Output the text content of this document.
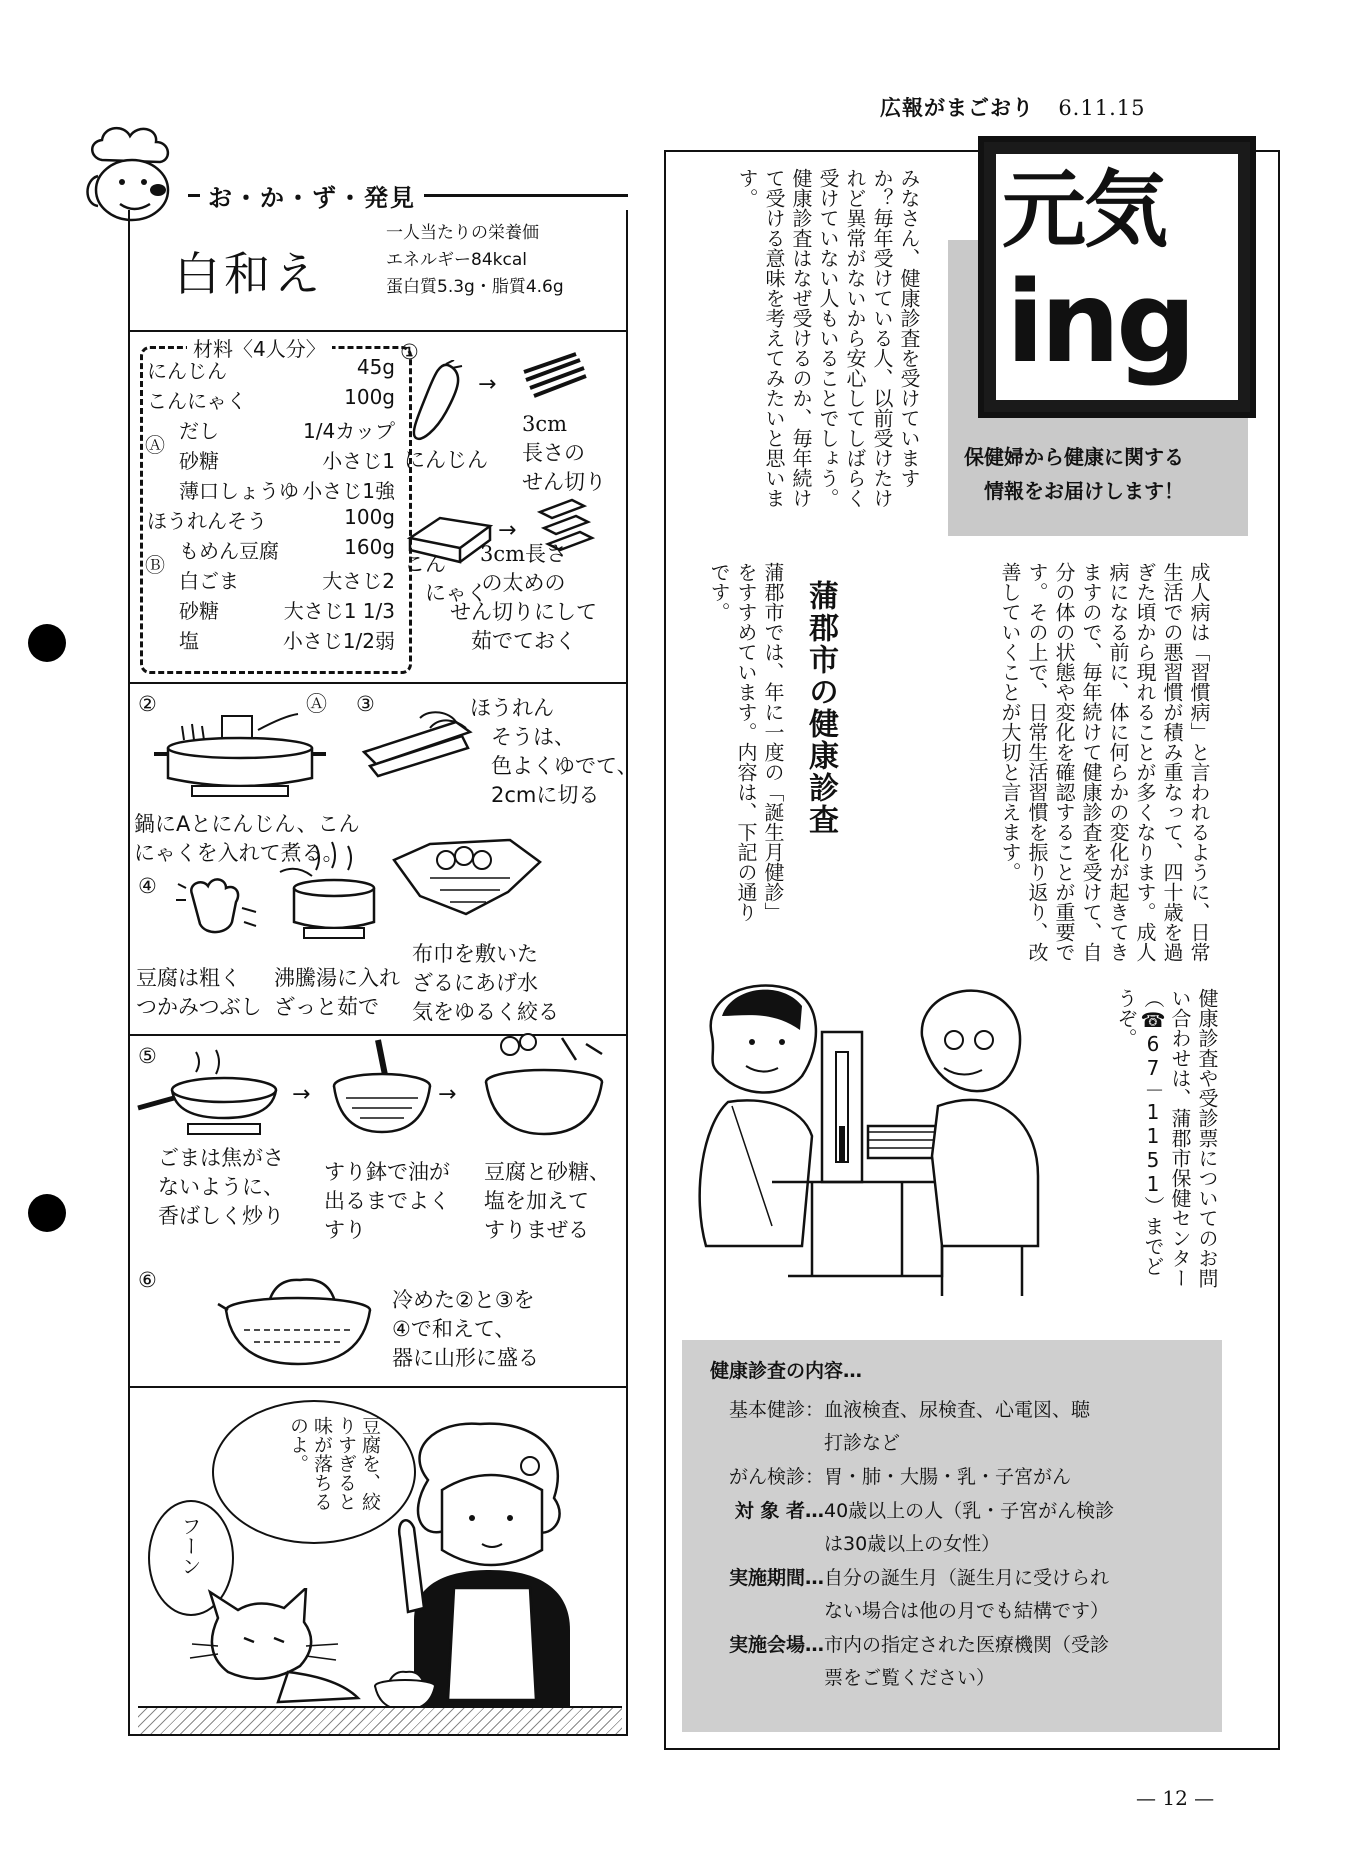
広報がまごおり 6.11.15
お・か・ず・発見
白和え
一人当たりの栄養価
エネルギー84kcal
蛋白質5.3g・脂質4.6g
材料〈4人分〉
にんじん	45g
こんにゃく	100g
Ⓐ
だし	1/4カップ
砂糖	小さじ1
薄口しょうゆ 小さじ1強
ほうれんそう	100g
Ⓑ
もめん豆腐	160g
白ごま	大さじ2
砂糖	大さじ1 1/3
塩	小さじ1/2弱
①
にんじん
→
3cm
長さの
せん切り
→
こん
　にゃく
3cm長さ
の太めの
せん切りにして
茹でておく
②	Ⓐ
鍋にAとにんじん、こん
にゃくを入れて煮る。
③	ほうれん
　そうは、
　色よくゆでて、
　2cmに切る
④
豆腐は粗く
つかみつぶし
沸騰湯に入れ
ざっと茹で
布巾を敷いた
ざるにあげ水
気をゆるく絞る
⑤
→	→
ごまは焦がさ
ないように、
香ばしく炒り
すり鉢で油が
出るまでよく
すり
豆腐と砂糖、
塩を加えて
すりまぜる
⑥
冷めた②と③を
④で和えて、
器に山形に盛る
豆腐を、絞りすぎると味が落ちるのよ。
フーン
元気
ing
保健婦から健康に関する
情報をお届けします！
みなさん、健康診査を受けていますか？毎年受けている人、以前受けたけれど異常がないから安心してしばらく受けていない人もいることでしょう。健康診査はなぜ受けるのか、毎年続けて受ける意味を考えてみたいと思います。
成人病は「習慣病」と言われるように、日常生活での悪習慣が積み重なって、四十歳を過ぎた頃から現れることが多くなります。成人病になる前に、体に何らかの変化が起きてきますので、毎年続けて健康診査を受けて、自分の体の状態や変化を確認することが重要です。その上で、日常生活習慣を振り返り、改善していくことが大切と言えます。
蒲郡市の健康診査
蒲郡市では、年に一度の「誕生月健診」をすすめています。内容は、下記の通りです。
健康診査や受診票についてのお問い合わせは、蒲郡市保健センター（☎67－1151）までどうぞ。
健康診査の内容…
基本健診： 血液検査、尿検査、心電図、聴
打診など
がん検診： 胃・肺・大腸・乳・子宮がん
対 象 者… 40歳以上の人（乳・子宮がん検診
は30歳以上の女性）
実施期間… 自分の誕生月（誕生月に受けられ
ない場合は他の月でも結構です）
実施会場… 市内の指定された医療機関（受診
票をご覧ください）
— 12 —
